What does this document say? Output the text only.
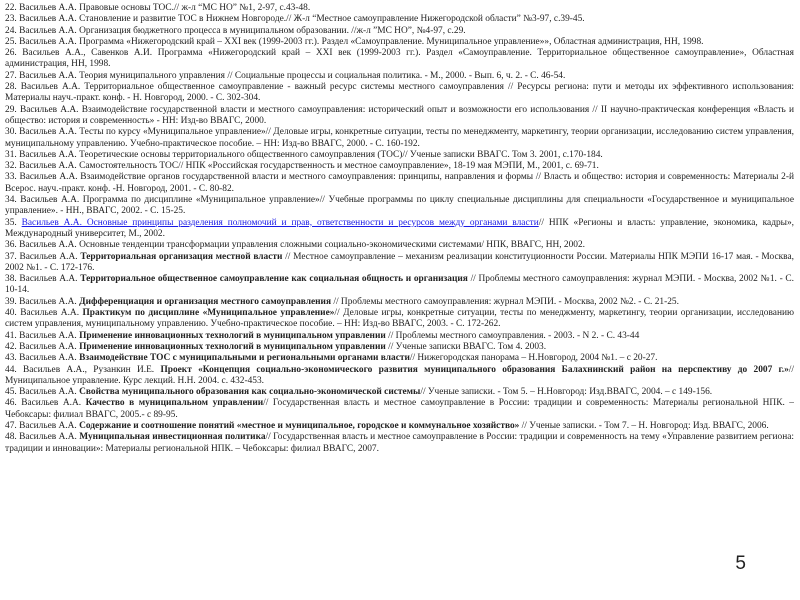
22. Васильев А.А. Правовые основы ТОС.// ж-л “МС НО” №1, 2-97, с.43-48.

23. Васильев А.А. Становление и развитие ТОС в Нижнем Новгороде.// Ж-л “Местное самоуправление Нижегородской области” №3-97, с.39-45.

24. Васильев А.А. Организация бюджетного процесса в муниципальном образовании. //ж-л ”МС НО”, №4-97, с.29.

25. Васильев А.А. Программа «Нижегородский край – XXI век (1999-2003 гг.). Раздел «Самоуправление. Муниципальное управление»», Областная администрация, НН, 1998.

26. Васильев А.А., Савенков А.И. Программа «Нижегородский край – XXI век (1999-2003 гг.). Раздел «Самоуправление. Территориальное общественное самоуправление», Областная администрация, НН, 1998.

27. Васильев А.А. Теория муниципального управления // Социальные процессы и социальная политика. - М., 2000. - Вып. 6, ч. 2. - С. 46-54.

28. Васильев А.А. Территориальное общественное самоуправление - важный ресурс системы местного самоуправления // Ресурсы региона: пути и методы их эффективного использования: Материалы науч.-практ. конф. - Н. Новгород, 2000. - С. 302-304.

29. Васильев А.А. Взаимодействие государственной власти и местного самоуправления: исторический опыт и возможности его использования // II научно-практическая конференция «Власть и общество: история и современность» - НН: Изд-во ВВАГС, 2000.

30. Васильев А.А. Тесты по курсу «Муниципальное управление»// Деловые игры, конкретные ситуации, тесты по менеджменту, маркетингу, теории организации, исследованию систем управления, муниципальному управлению. Учебно-практическое пособие. – НН: Изд-во ВВАГС, 2000. - С. 160-192.

31. Васильев А.А. Теоретические основы территориального общественного самоуправления (ТОС)// Ученые записки ВВАГС. Том 3. 2001, с.170-184.

32. Васильев А.А. Самостоятельность ТОС// НПК «Российская государственность и местное самоуправление», 18-19 мая МЭПИ, М., 2001, с. 69-71.

33. Васильев А.А. Взаимодействие органов государственной власти и местного самоуправления: принципы, направления и формы // Власть и общество: история и современность: Материалы 2-й Всерос. науч.-практ. конф. -Н. Новгород, 2001. - С. 80-82.

34. Васильев А.А. Программа по дисциплине «Муниципальное управление»// Учебные программы по циклу специальные дисциплины для специальности «Государственное и муниципальное управление». - НН., ВВАГС, 2002. - С. 15-25.

35. Васильев А.А. Основные принципы разделения полномочий и прав, ответственности и ресурсов между органами власти// НПК «Регионы и власть: управление, экономика, кадры», Международный университет, М., 2002.

36. Васильев А.А. Основные тенденции трансформации управления сложными социально-экономическими системами/ НПК, ВВАГС, НН, 2002.

37. Васильев А.А. Территориальная организация местной власти // Местное самоуправление – механизм реализации конституционности России. Материалы НПК МЭПИ 16-17 мая. - Москва, 2002 №1. - С. 172-176.

38. Васильев А.А. Территориальное общественное самоуправление как социальная общность и организация // Проблемы местного самоуправления: журнал МЭПИ. - Москва, 2002 №1. - С. 10-14.

39. Васильев А.А. Дифференциация и организация местного самоуправления // Проблемы местного самоуправления: журнал МЭПИ. - Москва, 2002 №2. - С. 21-25.

40. Васильев А.А. Практикум по дисциплине «Муниципальное управление»// Деловые игры, конкретные ситуации, тесты по менеджменту, маркетингу, теории организации, исследованию систем управления, муниципальному управлению. Учебно-практическое пособие. – НН: Изд-во ВВАГС, 2003. - С. 172-262.

41. Васильев А.А. Применение инновационных технологий в муниципальном управлении // Проблемы местного самоуправления. - 2003. - N 2. - С. 43-44

42. Васильев А.А. Применение инновационных технологий в муниципальном управлении // Ученые записки ВВАГС. Том 4. 2003.

43. Васильев А.А. Взаимодействие ТОС с муниципальными и региональными органами власти// Нижегородская панорама – Н.Новгород, 2004 №1. – с 20-27.

44. Васильев А.А., Рузанкин И.Е. Проект «Концепция социально-экономического развития муниципального образования Балахнинский район на перспективу до 2007 г.»// Муниципальное управление. Курс лекций. Н.Н. 2004. с. 432-453.

45. Васильев А.А. Свойства муниципального образования как социально-экономической системы// Ученые записки. - Том 5. – Н.Новгород: Изд.ВВАГС, 2004. – с 149-156.

46. Васильев А.А. Качество в муниципальном управлении// Государственная власть и местное самоуправление в России: традиции и современность: Материалы региональной НПК. – Чебоксары: филиал ВВАГС, 2005.- с 89-95.

47. Васильев А.А. Содержание и соотношение понятий «местное и муниципальное, городское и коммунальное хозяйство» // Ученые записки. - Том 7. – Н. Новгород: Изд. ВВАГС, 2006.

48. Васильев А.А. Муниципальная инвестиционная политика// Государственная власть и местное самоуправление в России: традиции и современность на тему «Управление развитием региона: традиции и инновации»: Материалы региональной НПК. – Чебоксары: филиал ВВАГС, 2007.

5
